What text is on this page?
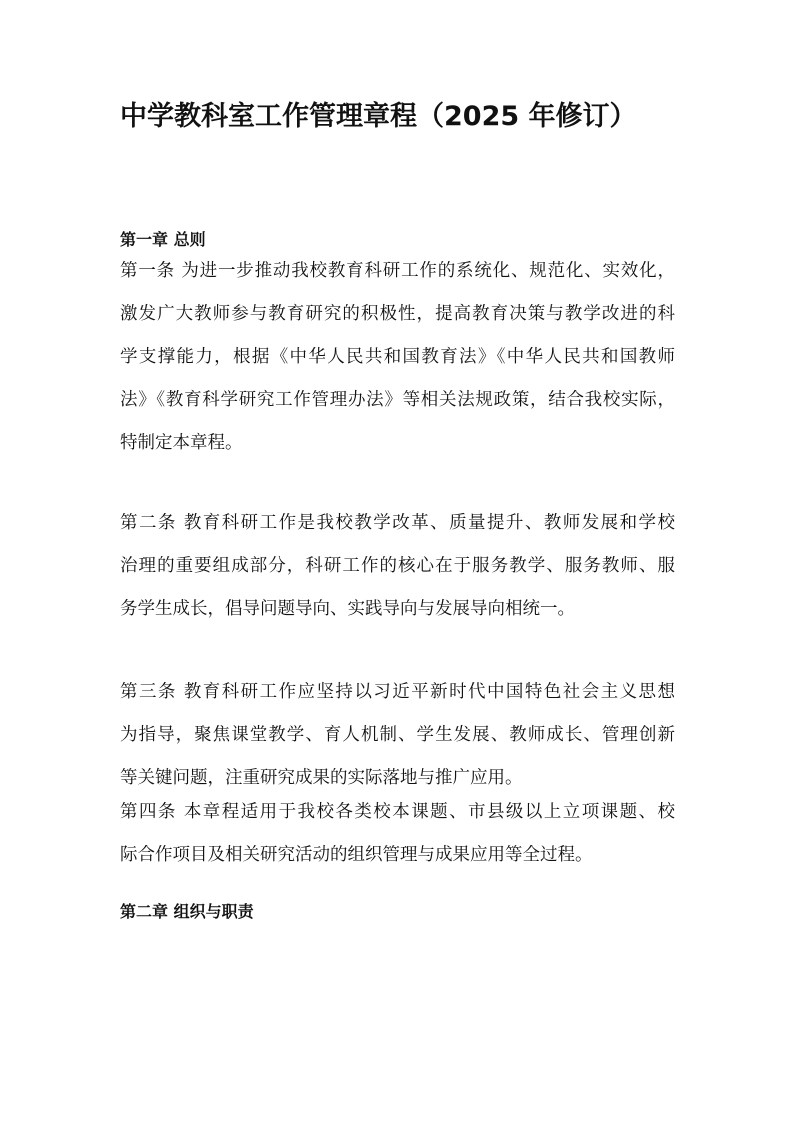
中学教科室工作管理章程（2025 年修订）
第一章 总则
第一条 为进一步推动我校教育科研工作的系统化、规范化、实效化，
激发广大教师参与教育研究的积极性，提高教育决策与教学改进的科
学支撑能力，根据《中华人民共和国教育法》《中华人民共和国教师
法》《教育科学研究工作管理办法》等相关法规政策，结合我校实际，
特制定本章程。
第二条 教育科研工作是我校教学改革、质量提升、教师发展和学校
治理的重要组成部分，科研工作的核心在于服务教学、服务教师、服
务学生成长，倡导问题导向、实践导向与发展导向相统一。
第三条 教育科研工作应坚持以习近平新时代中国特色社会主义思想
为指导，聚焦课堂教学、育人机制、学生发展、教师成长、管理创新
等关键问题，注重研究成果的实际落地与推广应用。
第四条 本章程适用于我校各类校本课题、市县级以上立项课题、校
际合作项目及相关研究活动的组织管理与成果应用等全过程。
第二章 组织与职责
